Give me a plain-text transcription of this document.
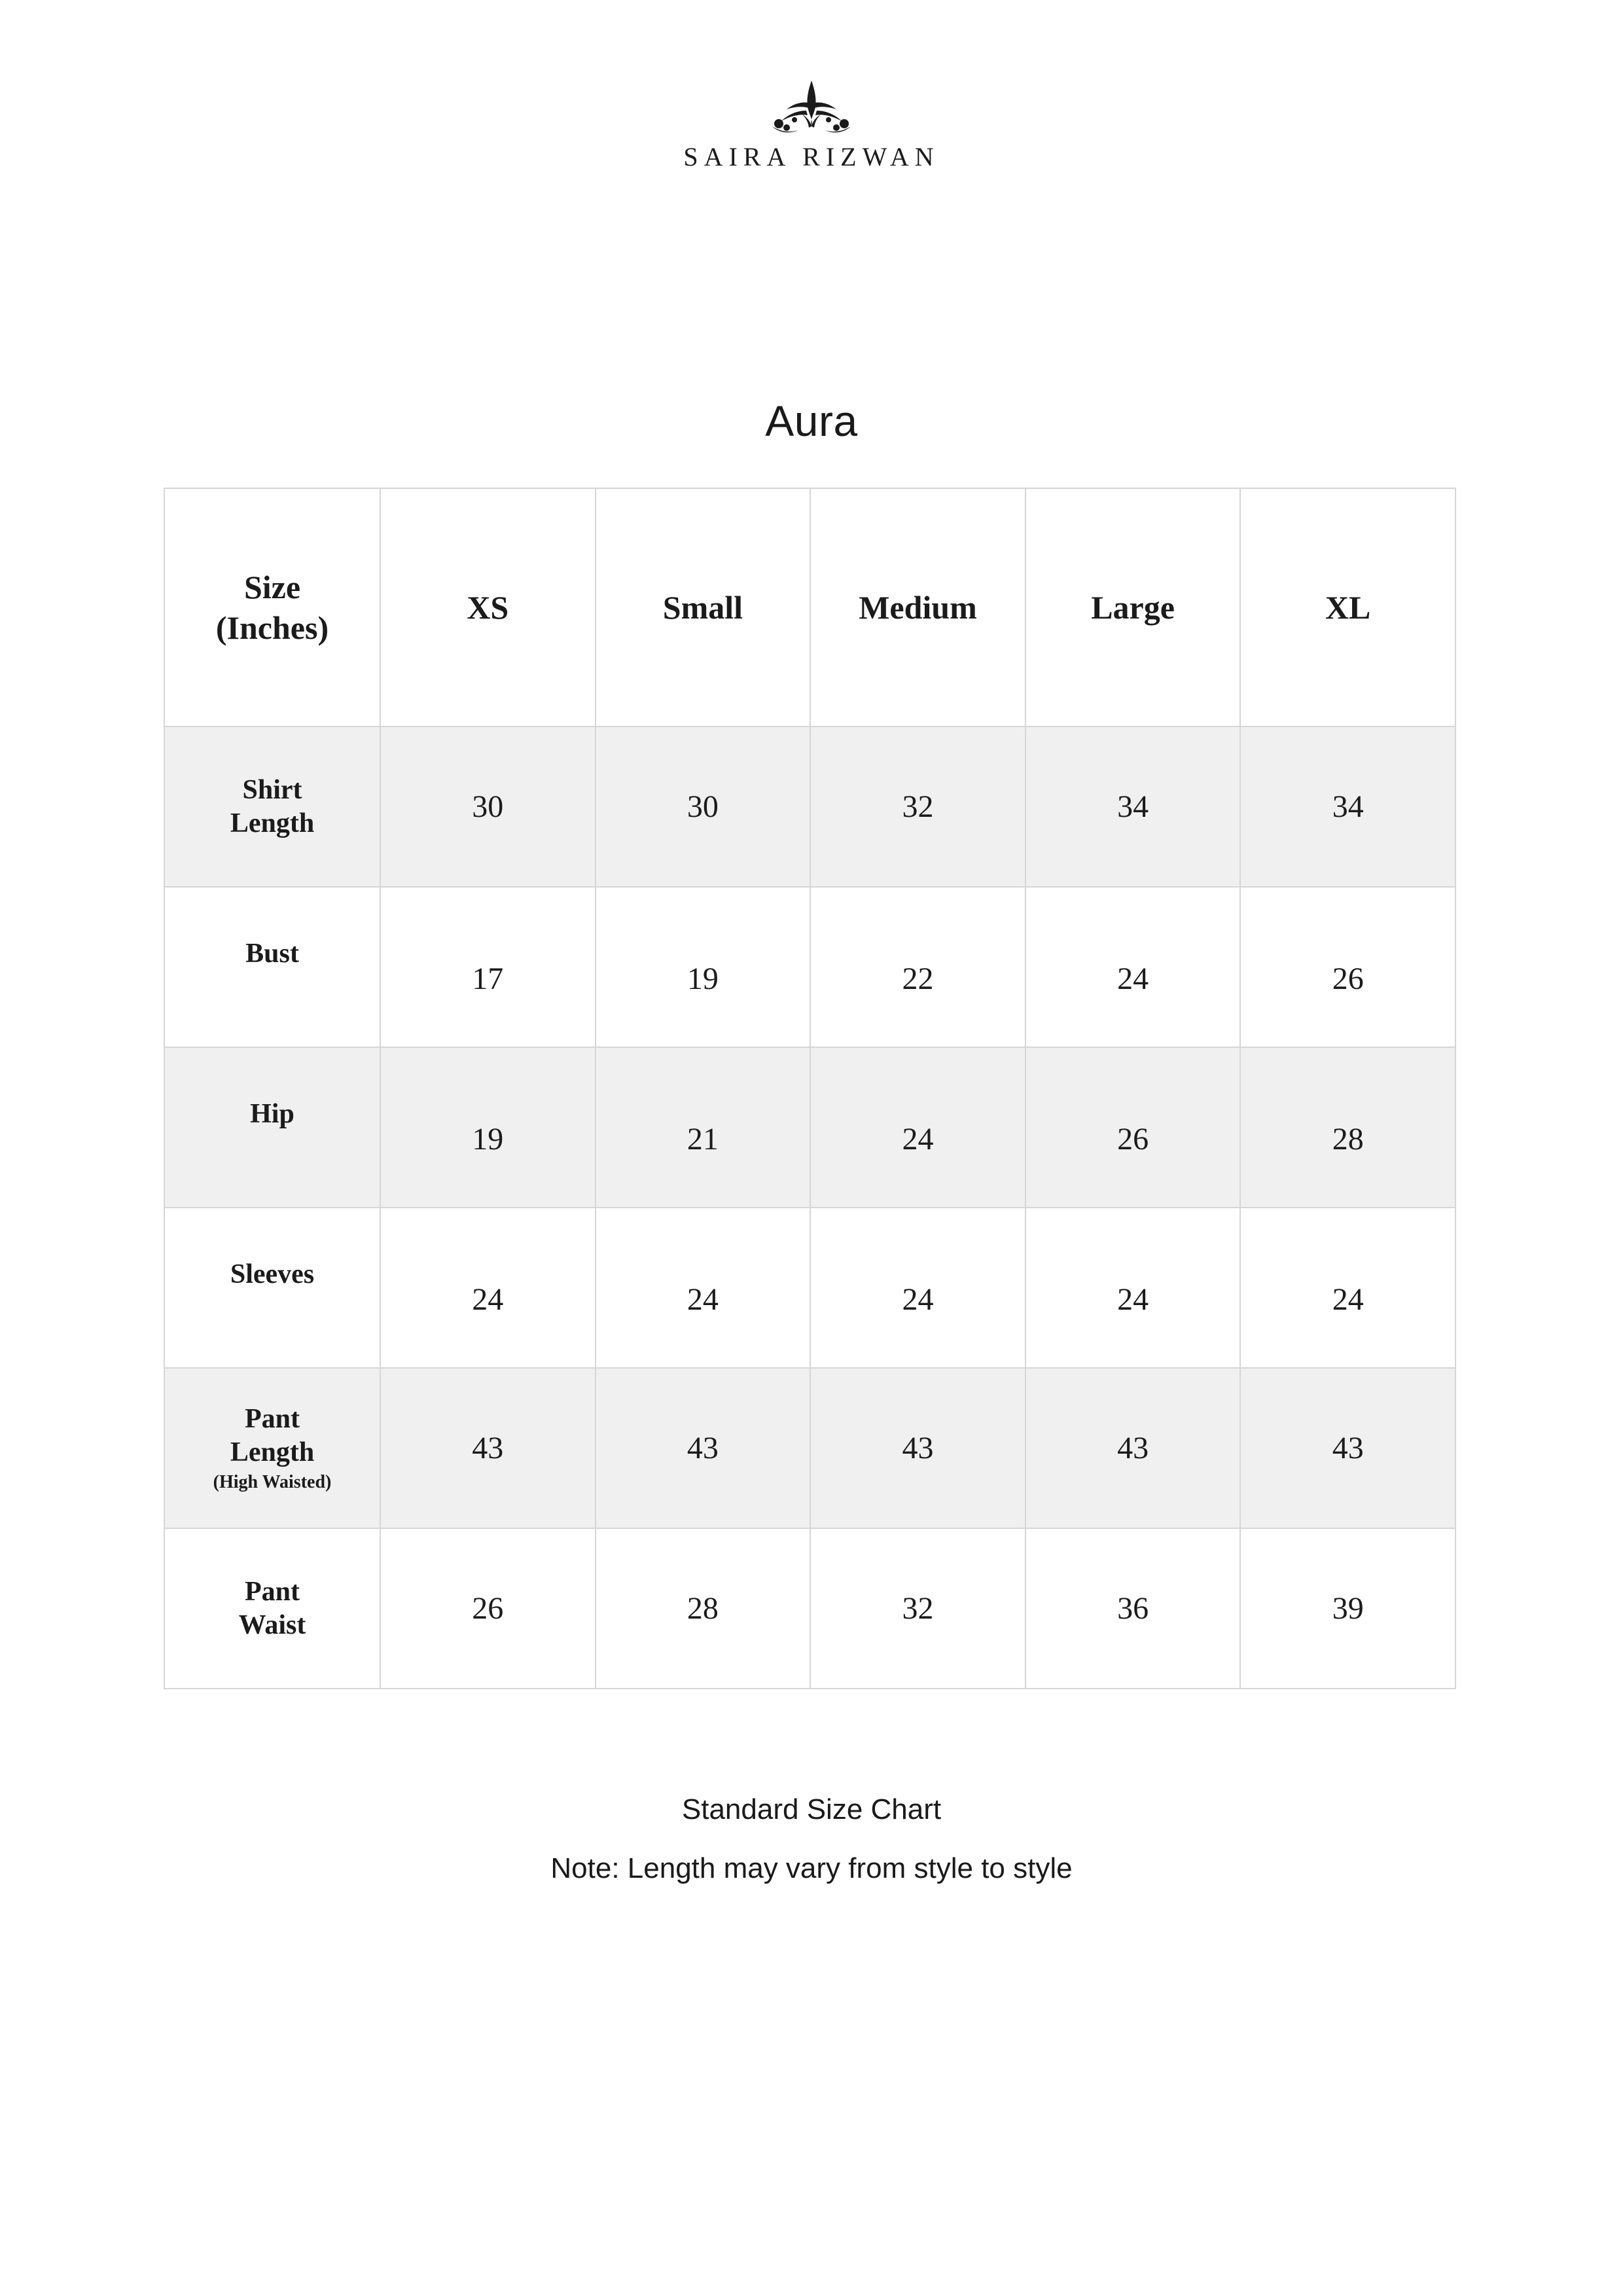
SAIRA RIZWAN
Aura
Size
(Inches)	XS	Small	Medium	Large	XL
Shirt
Length	30	30	32	34	34
Bust	17	19	22	24	26
Hip	19	21	24	26	28
Sleeves	24	24	24	24	24
Pant
Length
(High Waisted)	43	43	43	43	43
Pant
Waist	26	28	32	36	39
Standard Size Chart
Note: Length may vary from style to style
